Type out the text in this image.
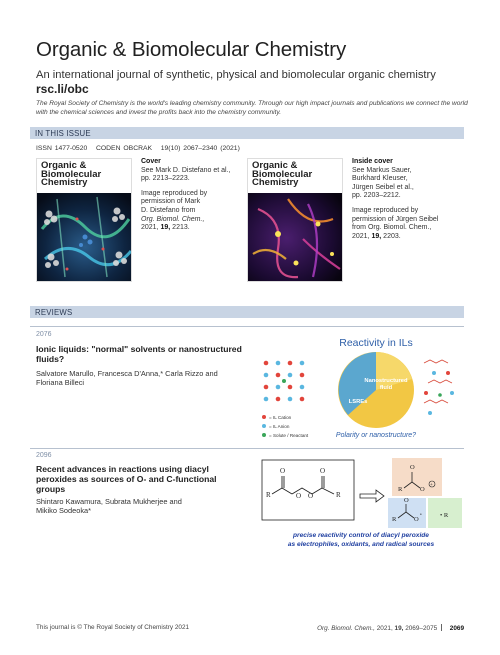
Organic & Biomolecular Chemistry
An international journal of synthetic, physical and biomolecular organic chemistry
rsc.li/obc
The Royal Society of Chemistry is the world's leading chemistry community. Through our high impact journals and publications we connect the world with the chemical sciences and invest the profits back into the chemistry community.
IN THIS ISSUE
ISSN 1477-0520 CODEN OBCRAK 19(10) 2067–2340 (2021)
Organic &
Biomolecular
Chemistry
Cover
See Mark D. Distefano et al.,
pp. 2213–2223.
Image reproduced by
permission of Mark
D. Distefano from
Org. Biomol. Chem.,
2021, 19, 2213.
Organic &
Biomolecular
Chemistry
Inside cover
See Markus Sauer,
Burkhard Kleuser,
Jürgen Seibel et al.,
pp. 2203–2212.
Image reproduced by
permission of Jürgen Seibel
from Org. Biomol. Chem.,
2021, 19, 2203.
REVIEWS
2076
Ionic liquids: "normal" solvents or nanostructured
fluids?
Salvatore Marullo, Francesca D'Anna,* Carla Rizzo and
Floriana Billeci
Reactivity in ILs
Nanostructured
fluid
LSREs
Polarity or nanostructure?
= IL Cation
= IL Anion
= Solute / Reactant
2096
Recent advances in reactions using diacyl
peroxides as sources of O- and C-functional
groups
Shintaro Kawamura, Subrata Mukherjee and
Mikiko Sodeoka*
R
O
O O
O
R
R
O
O
+
R
O
O
•	• R
precise reactivity control of diacyl peroxide
as electrophiles, oxidants, and radical sources
This journal is © The Royal Society of Chemistry 2021	Org. Biomol. Chem., 2021, 19, 2069–2075 2069
